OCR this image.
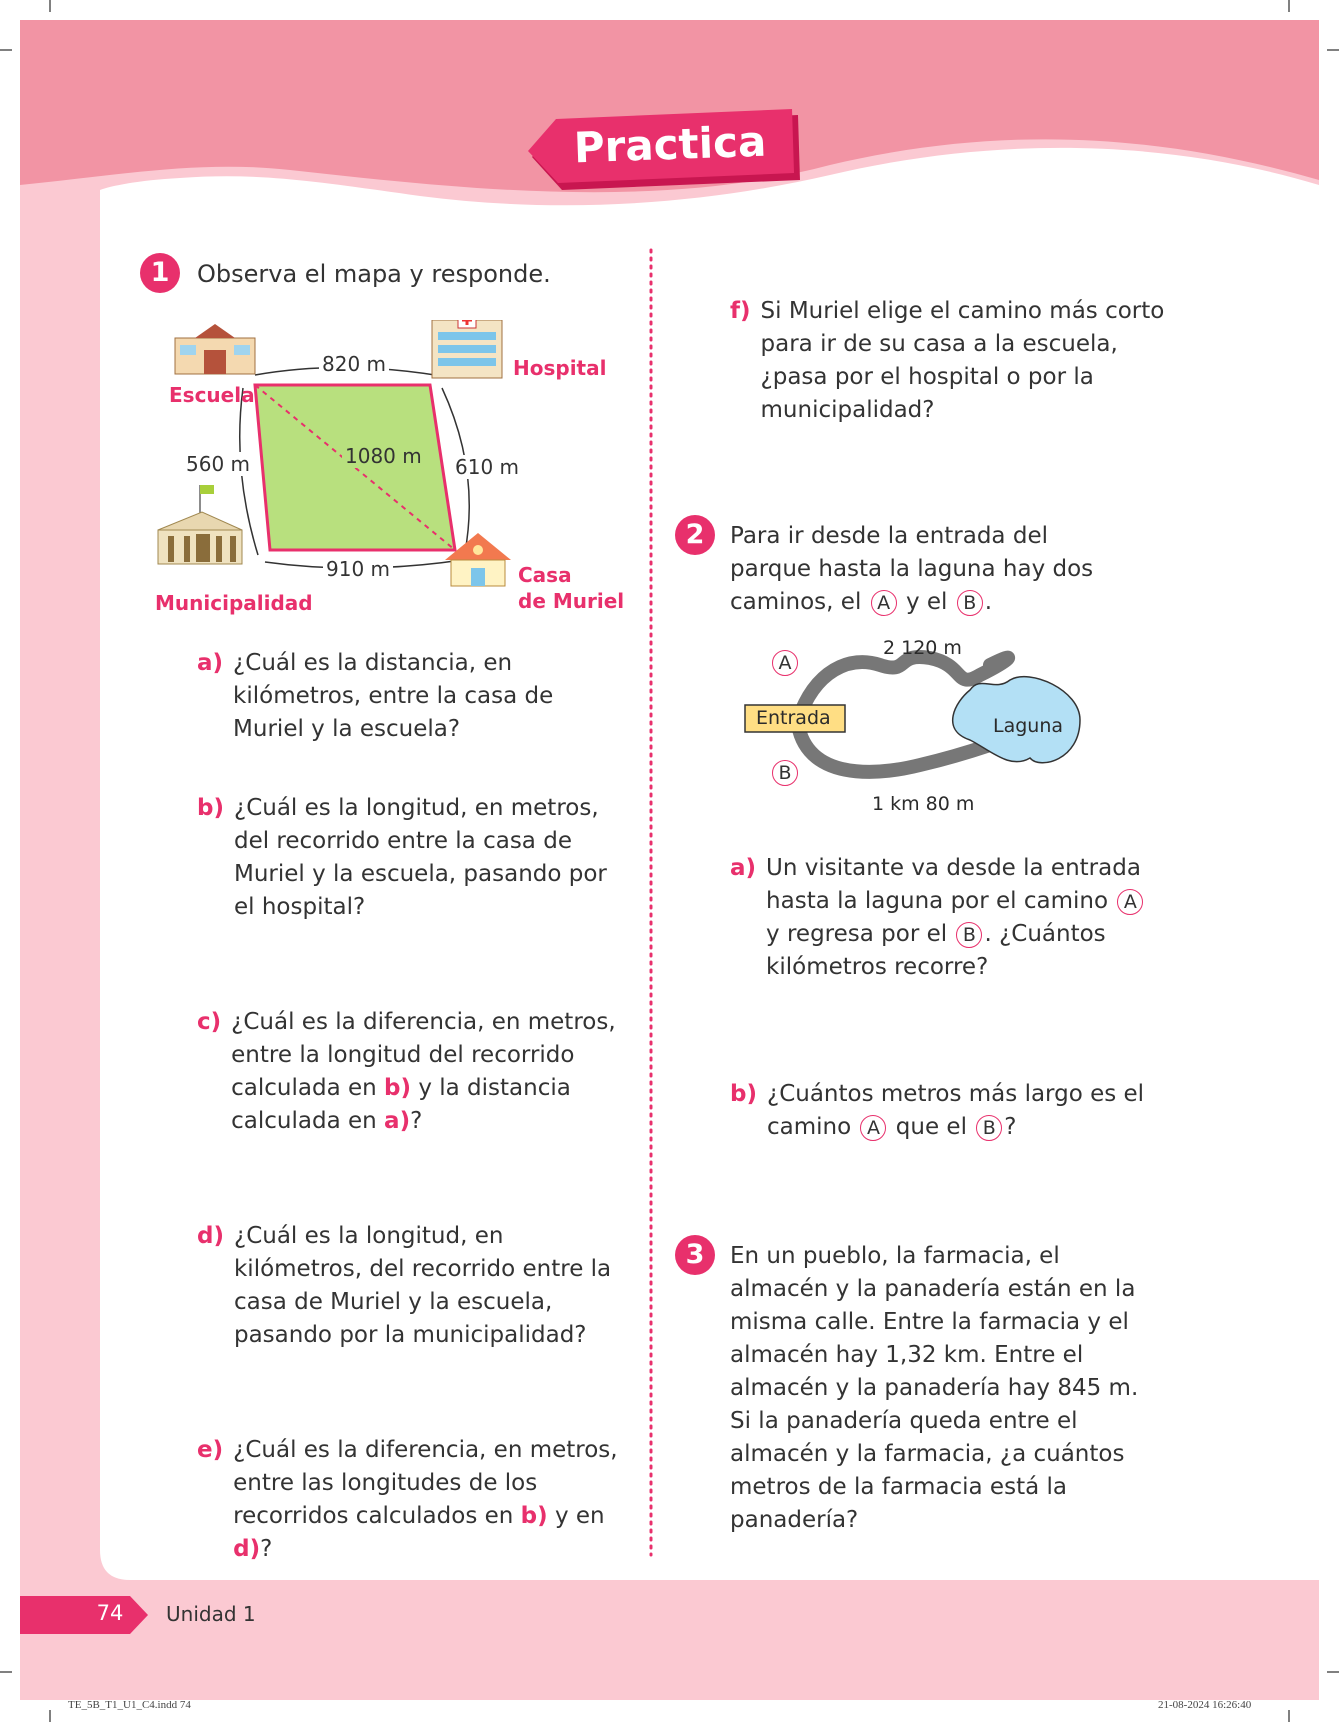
Practica
1	Observa el mapa y responde.
Escuela
Hospital
Municipalidad
Casa
de Muriel
820 m
560 m	610 m
910 m
1080 m
a) ¿Cuál es la distancia, en kilómetros, entre la casa de Muriel y la escuela?
b) ¿Cuál es la longitud, en metros, del recorrido entre la casa de Muriel y la escuela, pasando por el hospital?
c) ¿Cuál es la diferencia, en metros, entre la longitud del recorrido calculada en b) y la distancia calculada en a)?
d) ¿Cuál es la longitud, en kilómetros, del recorrido entre la casa de Muriel y la escuela, pasando por la municipalidad?
e) ¿Cuál es la diferencia, en metros, entre las longitudes de los recorridos calculados en b) y en d)?
f) Si Muriel elige el camino más corto para ir de su casa a la escuela, ¿pasa por el hospital o por la municipalidad?
2	Para ir desde la entrada del parque hasta la laguna hay dos caminos, el A y el B .
Entrada	Laguna
2 120 m
1 km 80 m
A
B
a) Un visitante va desde la entrada hasta la laguna por el camino A y regresa por el B . ¿Cuántos kilómetros recorre?
b) ¿Cuántos metros más largo es el camino A que el B ?
3	En un pueblo, la farmacia, el almacén y la panadería están en la misma calle. Entre la farmacia y el almacén hay 1,32 km. Entre el almacén y la panadería hay 845 m. Si la panadería queda entre el almacén y la farmacia, ¿a cuántos metros de la farmacia está la panadería?
74	Unidad 1
TE_5B_T1_U1_C4.indd 74	21-08-2024 16:26:40
